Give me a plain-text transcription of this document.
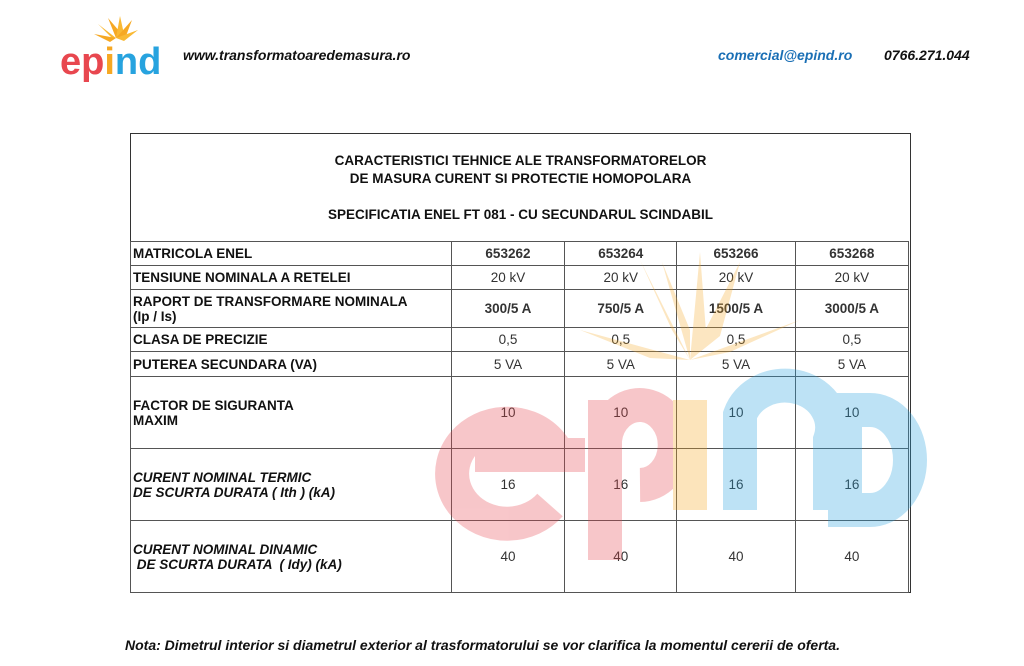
epind www.transformatoaredemasura.ro	comercial@epind.ro 0766.271.044
CARACTERISTICI TEHNICE ALE TRANSFORMATORELOR
DE MASURA CURENT SI PROTECTIE HOMOPOLARA
SPECIFICATIA ENEL FT 081 - CU SECUNDARUL SCINDABIL
MATRICOLA ENEL	653262	653264	653266	653268
TENSIUNE NOMINALA A RETELEI	20 kV	20 kV	20 kV	20 kV
RAPORT DE TRANSFORMARE NOMINALA
(Ip / Is)	300/5 A	750/5 A	1500/5 A	3000/5 A
CLASA DE PRECIZIE	0,5	0,5	0,5	0,5
PUTEREA SECUNDARA (VA)	5 VA	5 VA	5 VA	5 VA
FACTOR DE SIGURANTA
MAXIM	10	10	10	10
CURENT NOMINAL TERMIC
DE SCURTA DURATA ( Ith ) (kA)	16	16	16	16
CURENT NOMINAL DINAMIC
DE SCURTA DURATA  ( Idy) (kA)	40	40	40	40
Nota: Dimetrul interior si diametrul exterior al trasformatorului se vor clarifica la momentul cererii de oferta.
